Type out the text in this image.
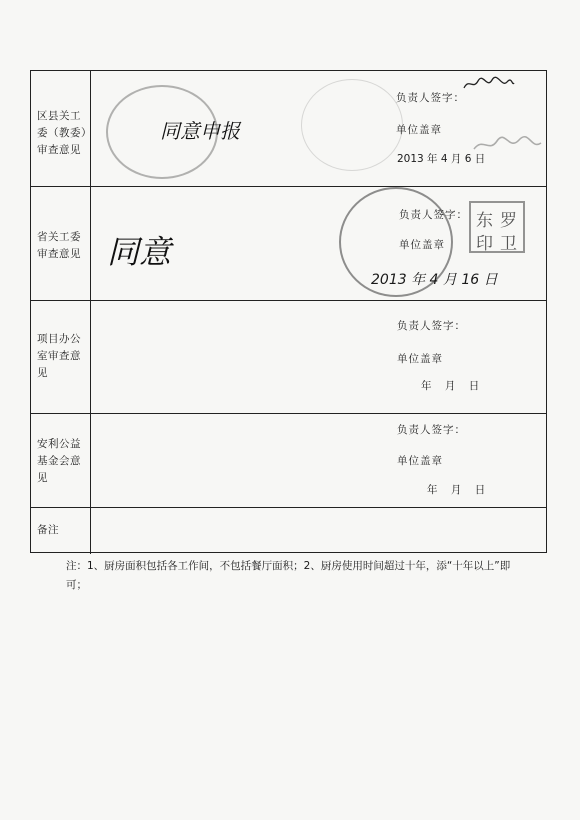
区县关工委（教委）审查意见
同意申报
负责人签字：
单位盖章
2013 年 4 月 6 日
省关工委审查意见 同意
负责人签字：
单位盖章
2013 年 4 月 16 日
东 罗
印 卫
项目办公室审查意见
负责人签字：
单位盖章
年    月    日
安利公益基金会意见
负责人签字：
单位盖章
年    月    日
备注
注：1、厨房面积包括各工作间，不包括餐厅面积；2、厨房使用时间超过十年，添“十年以上”即可；
